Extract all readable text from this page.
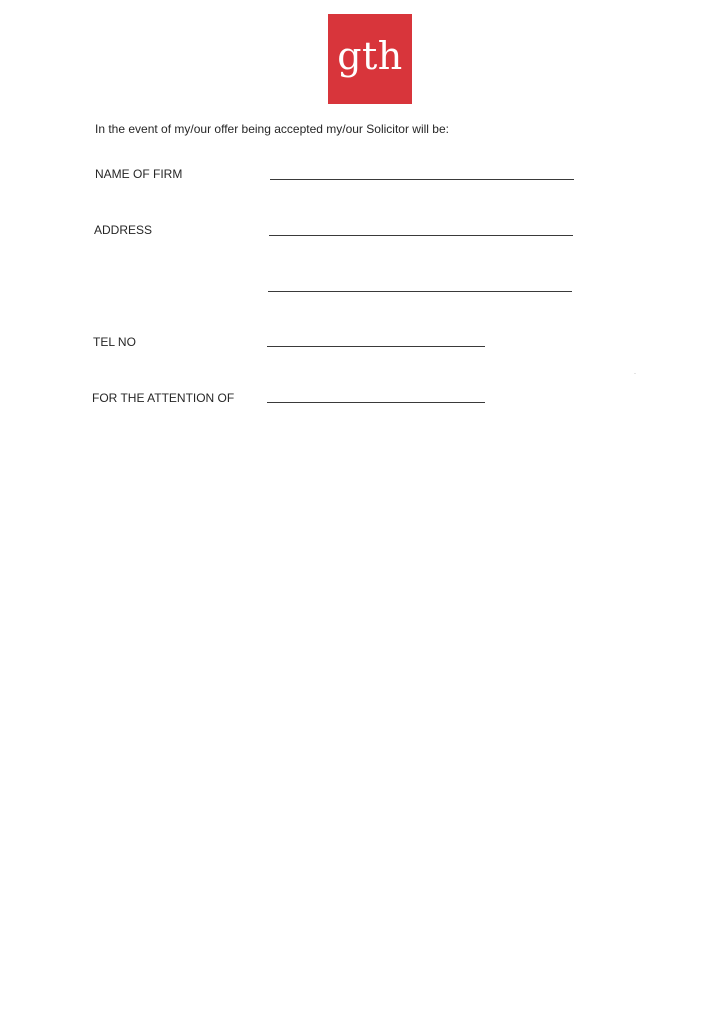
gth
In the event of my/our offer being accepted my/our Solicitor will be:
NAME OF FIRM
ADDRESS
TEL NO
FOR THE ATTENTION OF
